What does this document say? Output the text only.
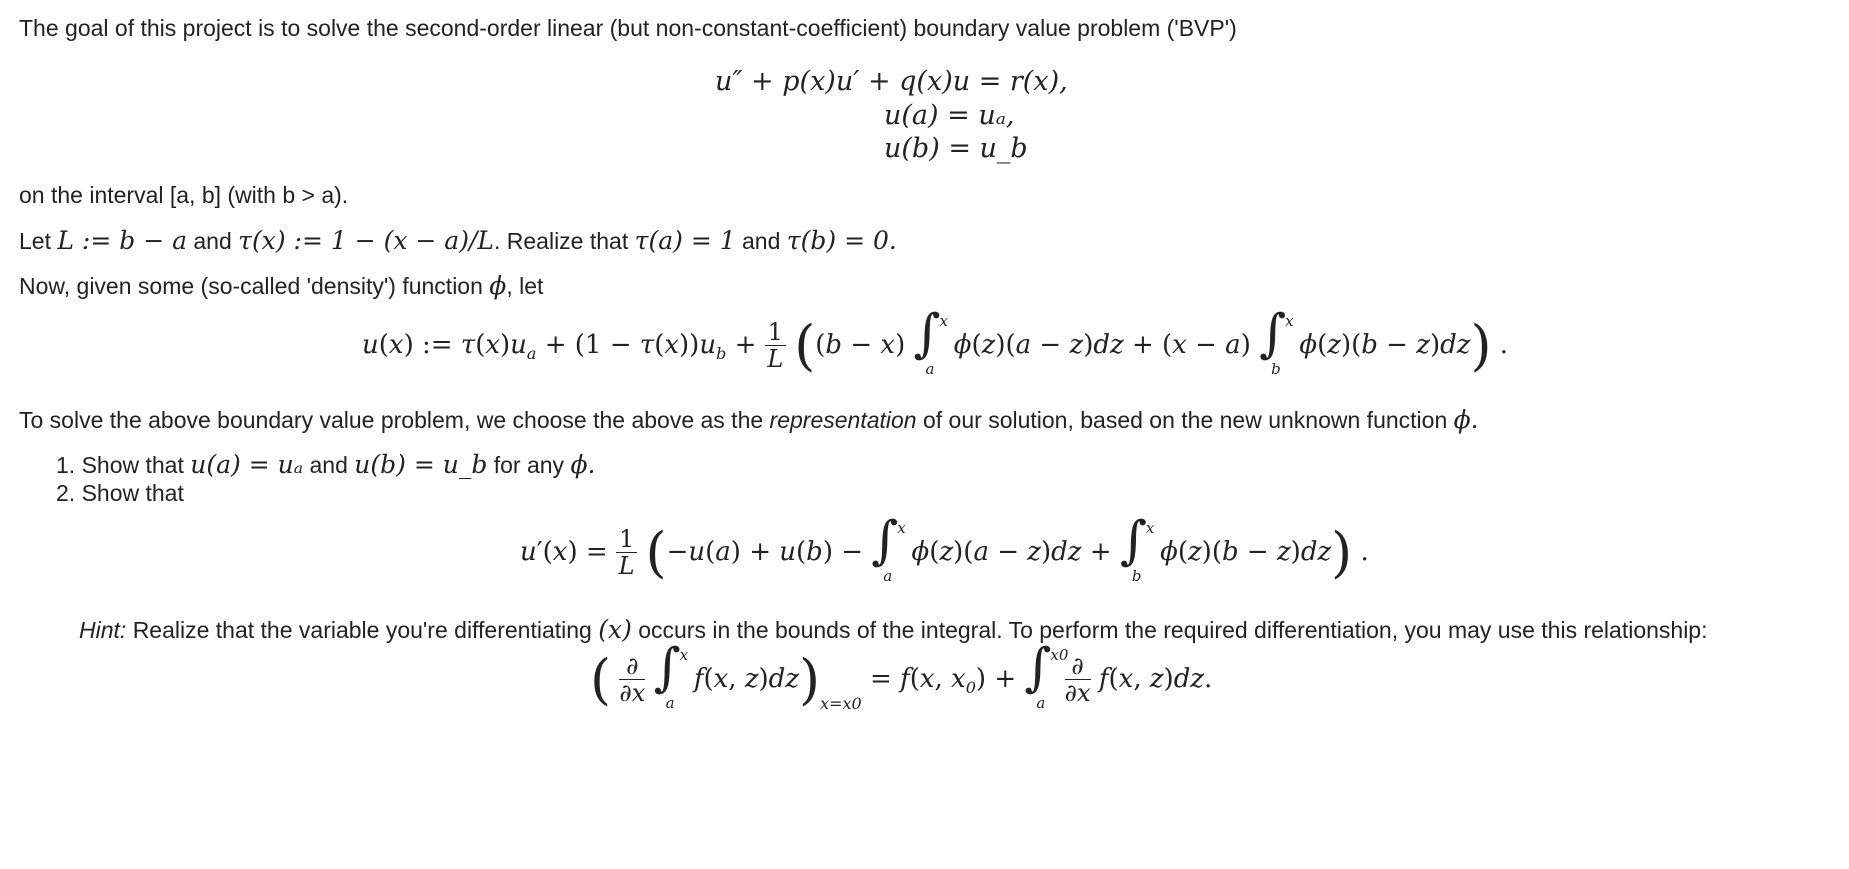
The goal of this project is to solve the second-order linear (but non-constant-coefficient) boundary value problem ('BVP')
u″ + p(x)u′ + q(x)u = r(x),
u(a) = uₐ,
u(b) = u_b
on the interval [a, b] (with b > a).
Let L := b − a and τ(x) := 1 − (x − a)/L. Realize that τ(a) = 1 and τ(b) = 0.
Now, given some (so-called 'density') function ϕ, let
u(x) := $\tau(x)u_a + (1 - \tau(x))u_b + \frac{1}{L} ((b - x)$ ∫
x
a
ϕ(z)(a − z)dz + (x − a) ∫
x
b
ϕ(z)(b − z)dz) .
To solve the above boundary value problem, we choose the above as the representation of our solution, based on the new unknown function ϕ.
1. Show that u(a) = uₐ and u(b) = u_b for any ϕ.
2. Show that
$u'(x) = \frac{1}{L} (-u(a) + u(b)$ − ∫
x
a
ϕ(z)(a − z)dz + ∫
x
b
ϕ(z)(b − z)dz) .
Hint: Realize that the variable you're differentiating (x) occurs in the bounds of the integral. To perform the required differentiation, you may use this relationship:
( $\frac{\partial}{\partial x}$
∫
x
a
f(x, $z)dz)_{x=x0} = f(x$, $x_0$) + ∫
x0
a
$\frac{\partial}{\partial x} f(x$, z)dz.
